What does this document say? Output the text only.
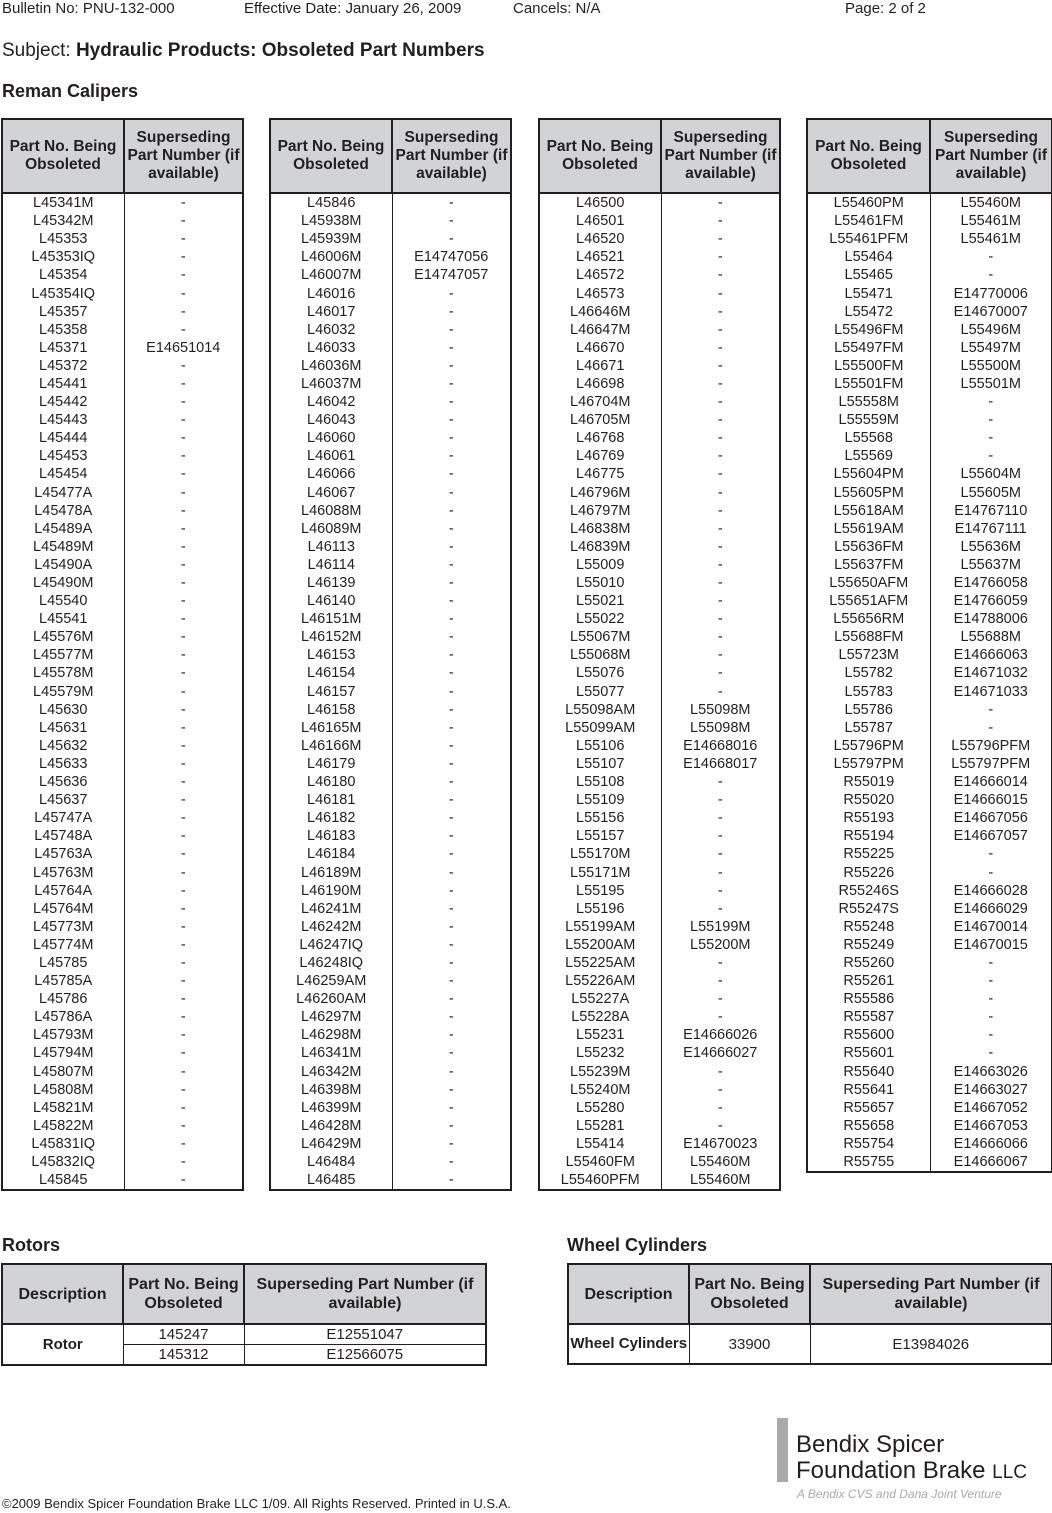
Bulletin No: PNU-132-000	Effective Date: January 26, 2009	Cancels: N/A	Page: 2 of 2
Subject: Hydraulic Products: Obsoleted Part Numbers
Reman Calipers
Part No. Being Obsoleted	Superseding Part Number (if available)
L45341M	-
L45342M	-
L45353	-
L45353IQ	-
L45354	-
L45354IQ	-
L45357	-
L45358	-
L45371	E14651014
L45372	-
L45441	-
L45442	-
L45443	-
L45444	-
L45453	-
L45454	-
L45477A	-
L45478A	-
L45489A	-
L45489M	-
L45490A	-
L45490M	-
L45540	-
L45541	-
L45576M	-
L45577M	-
L45578M	-
L45579M	-
L45630	-
L45631	-
L45632	-
L45633	-
L45636	-
L45637	-
L45747A	-
L45748A	-
L45763A	-
L45763M	-
L45764A	-
L45764M	-
L45773M	-
L45774M	-
L45785	-
L45785A	-
L45786	-
L45786A	-
L45793M	-
L45794M	-
L45807M	-
L45808M	-
L45821M	-
L45822M	-
L45831IQ	-
L45832IQ	-
L45845	-
Part No. Being Obsoleted	Superseding Part Number (if available)
L45846	-
L45938M	-
L45939M	-
L46006M	E14747056
L46007M	E14747057
L46016	-
L46017	-
L46032	-
L46033	-
L46036M	-
L46037M	-
L46042	-
L46043	-
L46060	-
L46061	-
L46066	-
L46067	-
L46088M	-
L46089M	-
L46113	-
L46114	-
L46139	-
L46140	-
L46151M	-
L46152M	-
L46153	-
L46154	-
L46157	-
L46158	-
L46165M	-
L46166M	-
L46179	-
L46180	-
L46181	-
L46182	-
L46183	-
L46184	-
L46189M	-
L46190M	-
L46241M	-
L46242M	-
L46247IQ	-
L46248IQ	-
L46259AM	-
L46260AM	-
L46297M	-
L46298M	-
L46341M	-
L46342M	-
L46398M	-
L46399M	-
L46428M	-
L46429M	-
L46484	-
L46485	-
Part No. Being Obsoleted	Superseding Part Number (if available)
L46500	-
L46501	-
L46520	-
L46521	-
L46572	-
L46573	-
L46646M	-
L46647M	-
L46670	-
L46671	-
L46698	-
L46704M	-
L46705M	-
L46768	-
L46769	-
L46775	-
L46796M	-
L46797M	-
L46838M	-
L46839M	-
L55009	-
L55010	-
L55021	-
L55022	-
L55067M	-
L55068M	-
L55076	-
L55077	-
L55098AM	L55098M
L55099AM	L55098M
L55106	E14668016
L55107	E14668017
L55108	-
L55109	-
L55156	-
L55157	-
L55170M	-
L55171M	-
L55195	-
L55196	-
L55199AM	L55199M
L55200AM	L55200M
L55225AM	-
L55226AM	-
L55227A	-
L55228A	-
L55231	E14666026
L55232	E14666027
L55239M	-
L55240M	-
L55280	-
L55281	-
L55414	E14670023
L55460FM	L55460M
L55460PFM	L55460M
Part No. Being Obsoleted	Superseding Part Number (if available)
L55460PM	L55460M
L55461FM	L55461M
L55461PFM	L55461M
L55464	-
L55465	-
L55471	E14770006
L55472	E14670007
L55496FM	L55496M
L55497FM	L55497M
L55500FM	L55500M
L55501FM	L55501M
L55558M	-
L55559M	-
L55568	-
L55569	-
L55604PM	L55604M
L55605PM	L55605M
L55618AM	E14767110
L55619AM	E14767111
L55636FM	L55636M
L55637FM	L55637M
L55650AFM	E14766058
L55651AFM	E14766059
L55656RM	E14788006
L55688FM	L55688M
L55723M	E14666063
L55782	E14671032
L55783	E14671033
L55786	-
L55787	-
L55796PM	L55796PFM
L55797PM	L55797PFM
R55019	E14666014
R55020	E14666015
R55193	E14667056
R55194	E14667057
R55225	-
R55226	-
R55246S	E14666028
R55247S	E14666029
R55248	E14670014
R55249	E14670015
R55260	-
R55261	-
R55586	-
R55587	-
R55600	-
R55601	-
R55640	E14663026
R55641	E14663027
R55657	E14667052
R55658	E14667053
R55754	E14666066
R55755	E14666067
Rotors
Description	Part No. Being Obsoleted	Superseding Part Number (if available)
Rotor	145247	E12551047
	145312	E12566075
Wheel Cylinders
Description	Part No. Being Obsoleted	Superseding Part Number (if available)
Wheel Cylinders	33900	E13984026
Bendix Spicer
Foundation Brake LLC
A Bendix CVS and Dana Joint Venture
©2009 Bendix Spicer Foundation Brake LLC 1/09. All Rights Reserved. Printed in U.S.A.
